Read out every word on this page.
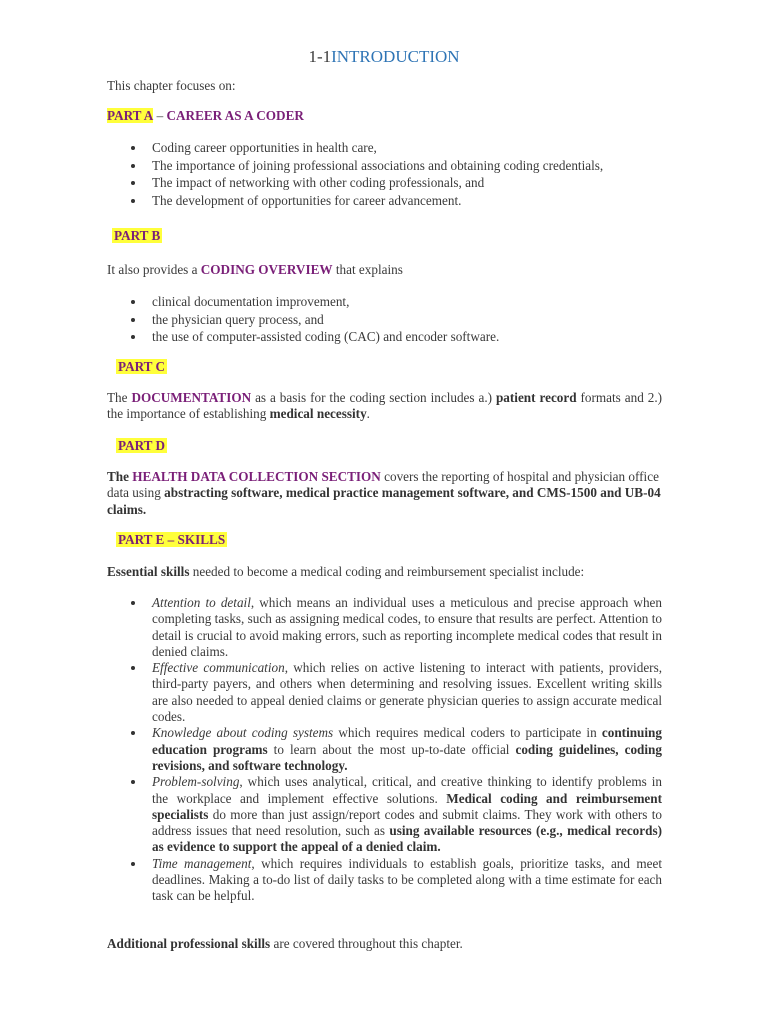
1-1INTRODUCTION

This chapter focuses on:

PART A – CAREER AS A CODER

Coding career opportunities in health care,
The importance of joining professional associations and obtaining coding credentials,
The impact of networking with other coding professionals, and
The development of opportunities for career advancement.

PART B

It also provides a CODING OVERVIEW that explains

clinical documentation improvement,
the physician query process, and
the use of computer-assisted coding (CAC) and encoder software.

PART C

The DOCUMENTATION as a basis for the coding section includes a.) patient record formats and 2.) the importance of establishing medical necessity.

PART D

The HEALTH DATA COLLECTION SECTION covers the reporting of hospital and physician office data using abstracting software, medical practice management software, and CMS-1500 and UB-04 claims.

PART E – SKILLS

Essential skills needed to become a medical coding and reimbursement specialist include:

Attention to detail, which means an individual uses a meticulous and precise approach when completing tasks, such as assigning medical codes, to ensure that results are perfect. Attention to detail is crucial to avoid making errors, such as reporting incomplete medical codes that result in denied claims.
Effective communication, which relies on active listening to interact with patients, providers, third-party payers, and others when determining and resolving issues. Excellent writing skills are also needed to appeal denied claims or generate physician queries to assign accurate medical codes.
Knowledge about coding systems which requires medical coders to participate in continuing education programs to learn about the most up-to-date official coding guidelines, coding revisions, and software technology.
Problem-solving, which uses analytical, critical, and creative thinking to identify problems in the workplace and implement effective solutions. Medical coding and reimbursement specialists do more than just assign/report codes and submit claims. They work with others to address issues that need resolution, such as using available resources (e.g., medical records) as evidence to support the appeal of a denied claim.
Time management, which requires individuals to establish goals, prioritize tasks, and meet deadlines. Making a to-do list of daily tasks to be completed along with a time estimate for each task can be helpful.

Additional professional skills are covered throughout this chapter.
